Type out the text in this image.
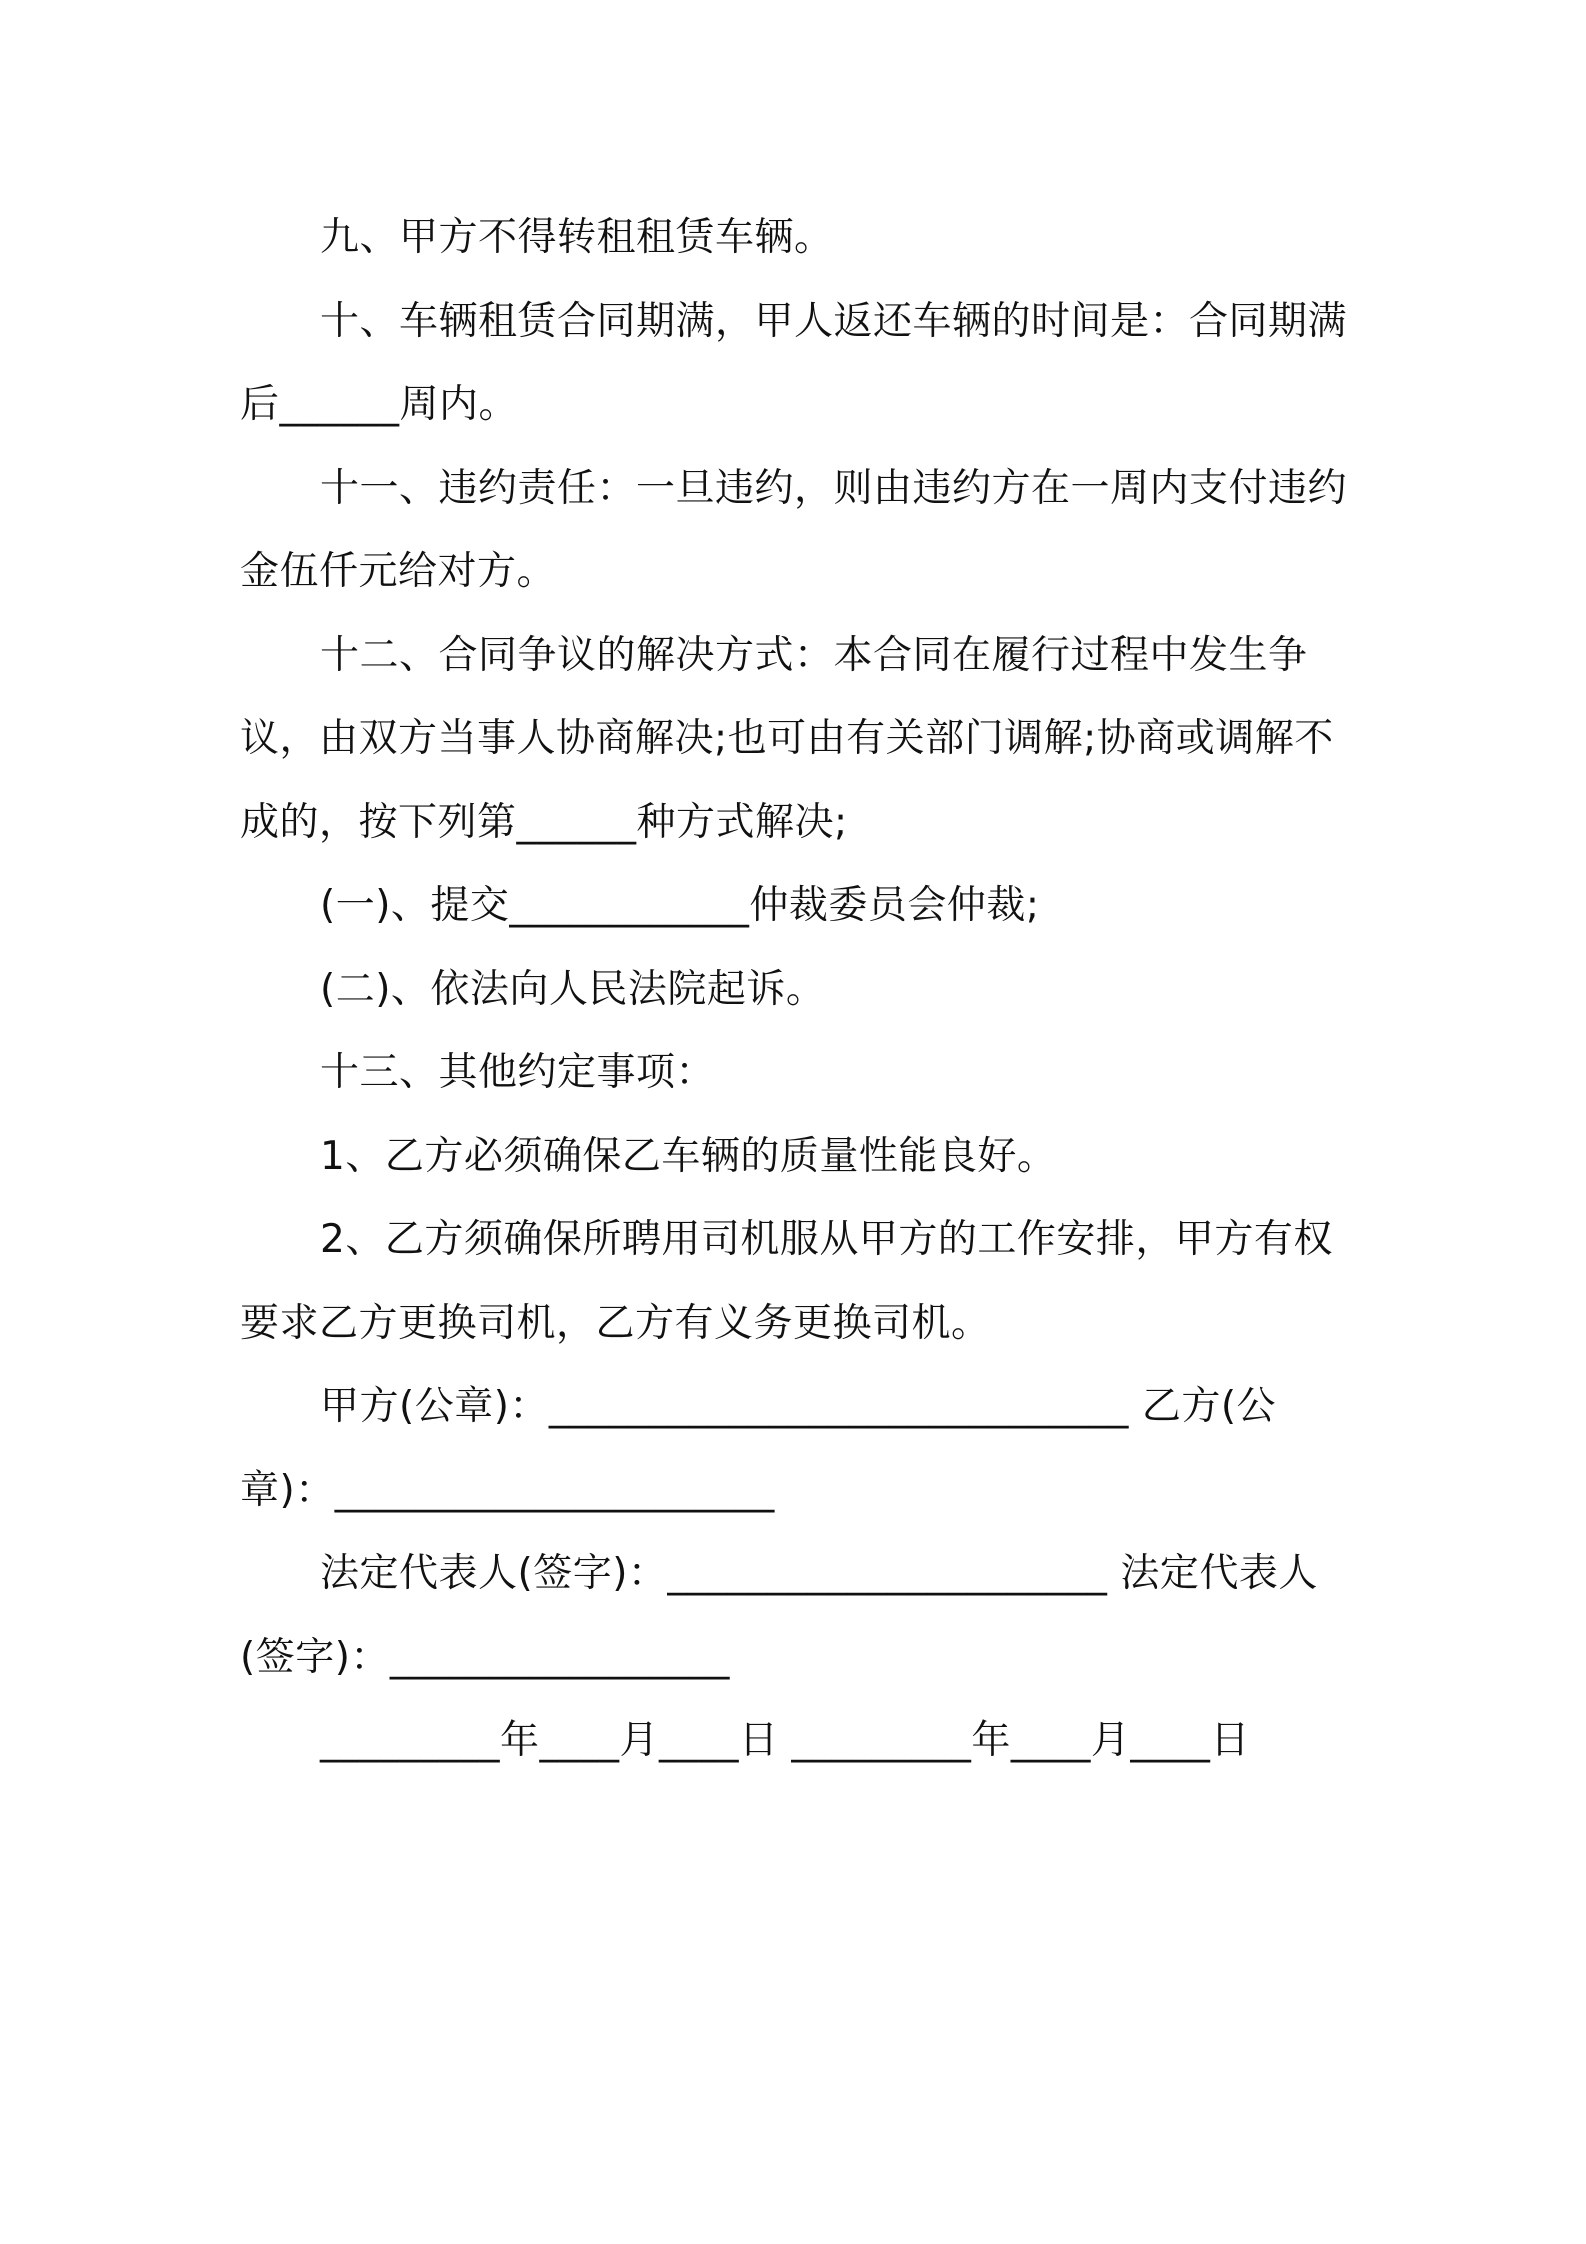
九、甲方不得转租租赁车辆。

十、车辆租赁合同期满，甲人返还车辆的时间是：合同期满后______周内。

十一、违约责任：一旦违约，则由违约方在一周内支付违约金伍仟元给对方。

十二、合同争议的解决方式：本合同在履行过程中发生争议，由双方当事人协商解决;也可由有关部门调解;协商或调解不成的，按下列第______种方式解决;

(一)、提交____________仲裁委员会仲裁;

(二)、依法向人民法院起诉。

十三、其他约定事项：

1、乙方必须确保乙车辆的质量性能良好。

2、乙方须确保所聘用司机服从甲方的工作安排，甲方有权要求乙方更换司机，乙方有义务更换司机。

甲方(公章)：_____________________________ 乙方(公章)：______________________

法定代表人(签字)：______________________ 法定代表人(签字)：_________________

_________年____月____日 _________年____月____日
